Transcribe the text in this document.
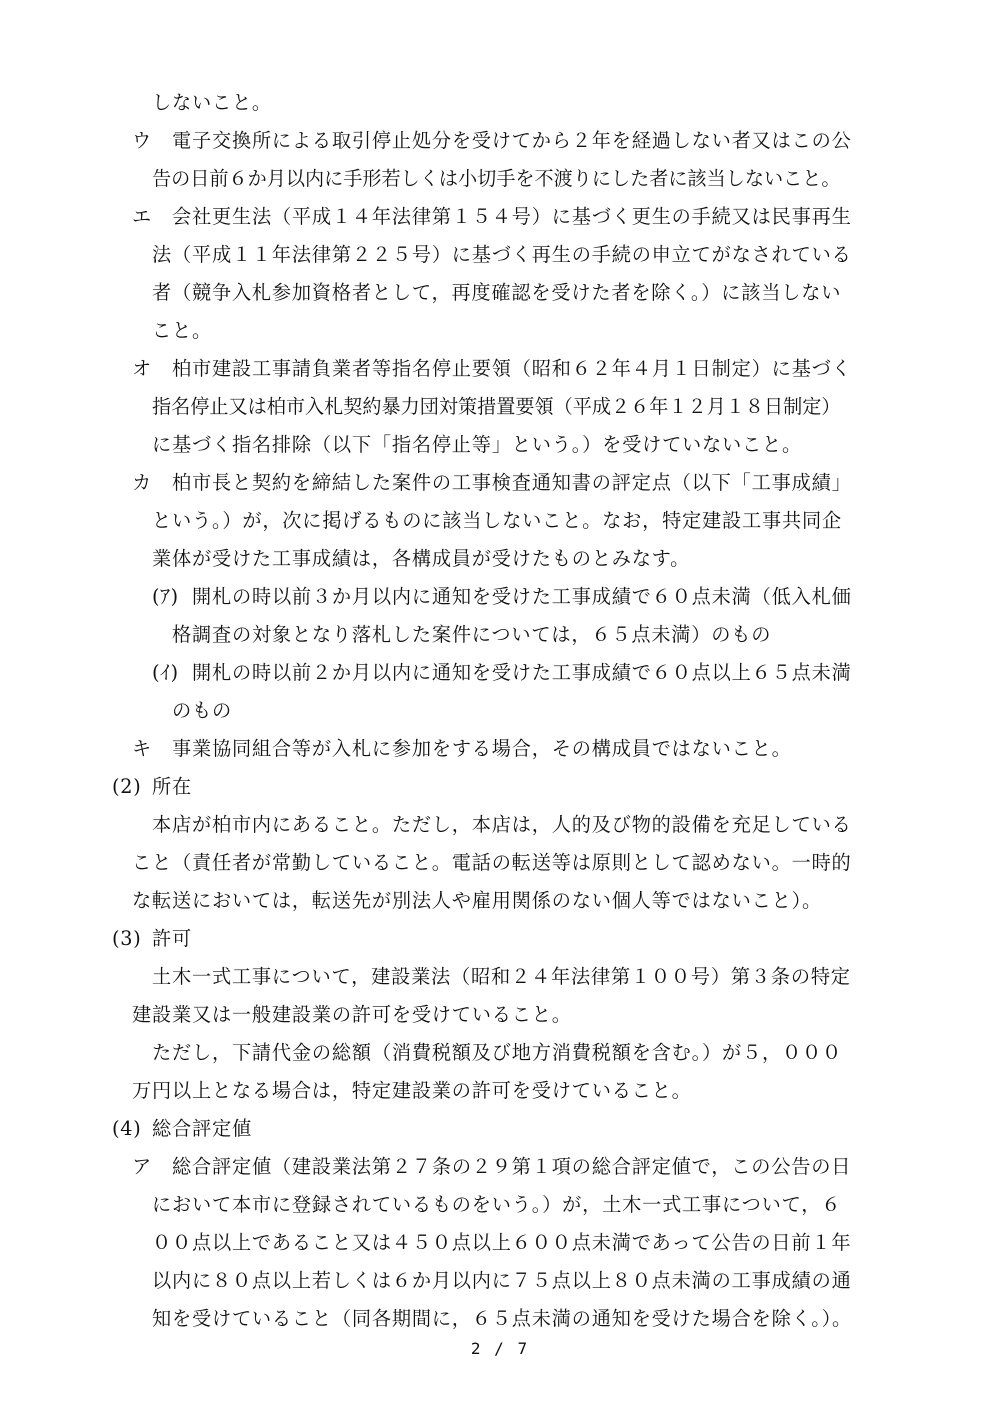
しないこと。

ウ 電子交換所による取引停止処分を受けてから２年を経過しない者又はこの公

告の日前６か月以内に手形若しくは小切手を不渡りにした者に該当しないこと。

エ 会社更生法（平成１４年法律第１５４号）に基づく更生の手続又は民事再生

法（平成１１年法律第２２５号）に基づく再生の手続の申立てがなされている

者（競争入札参加資格者として，再度確認を受けた者を除く。）に該当しない

こと。

オ 柏市建設工事請負業者等指名停止要領（昭和６２年４月１日制定）に基づく

指名停止又は柏市入札契約暴力団対策措置要領（平成２６年１２月１８日制定）

に基づく指名排除（以下「指名停止等」という。）を受けていないこと。

カ 柏市長と契約を締結した案件の工事検査通知書の評定点（以下「工事成績」

という。）が，次に掲げるものに該当しないこと。なお，特定建設工事共同企

業体が受けた工事成績は，各構成員が受けたものとみなす。

(ｱ) 開札の時以前３か月以内に通知を受けた工事成績で６０点未満（低入札価

格調査の対象となり落札した案件については，６５点未満）のもの

(ｲ) 開札の時以前２か月以内に通知を受けた工事成績で６０点以上６５点未満

のもの

キ 事業協同組合等が入札に参加をする場合，その構成員ではないこと。

(2) 所在

本店が柏市内にあること。ただし，本店は，人的及び物的設備を充足している

こと（責任者が常勤していること。電話の転送等は原則として認めない。一時的

な転送においては，転送先が別法人や雇用関係のない個人等ではないこと）。

(3) 許可

土木一式工事について，建設業法（昭和２４年法律第１００号）第３条の特定

建設業又は一般建設業の許可を受けていること。

ただし，下請代金の総額（消費税額及び地方消費税額を含む。）が５，０００

万円以上となる場合は，特定建設業の許可を受けていること。

(4) 総合評定値

ア 総合評定値（建設業法第２７条の２９第１項の総合評定値で，この公告の日

において本市に登録されているものをいう。）が，土木一式工事について，６

００点以上であること又は４５０点以上６００点未満であって公告の日前１年

以内に８０点以上若しくは６か月以内に７５点以上８０点未満の工事成績の通

知を受けていること（同各期間に，６５点未満の通知を受けた場合を除く。）。

2 / 7
